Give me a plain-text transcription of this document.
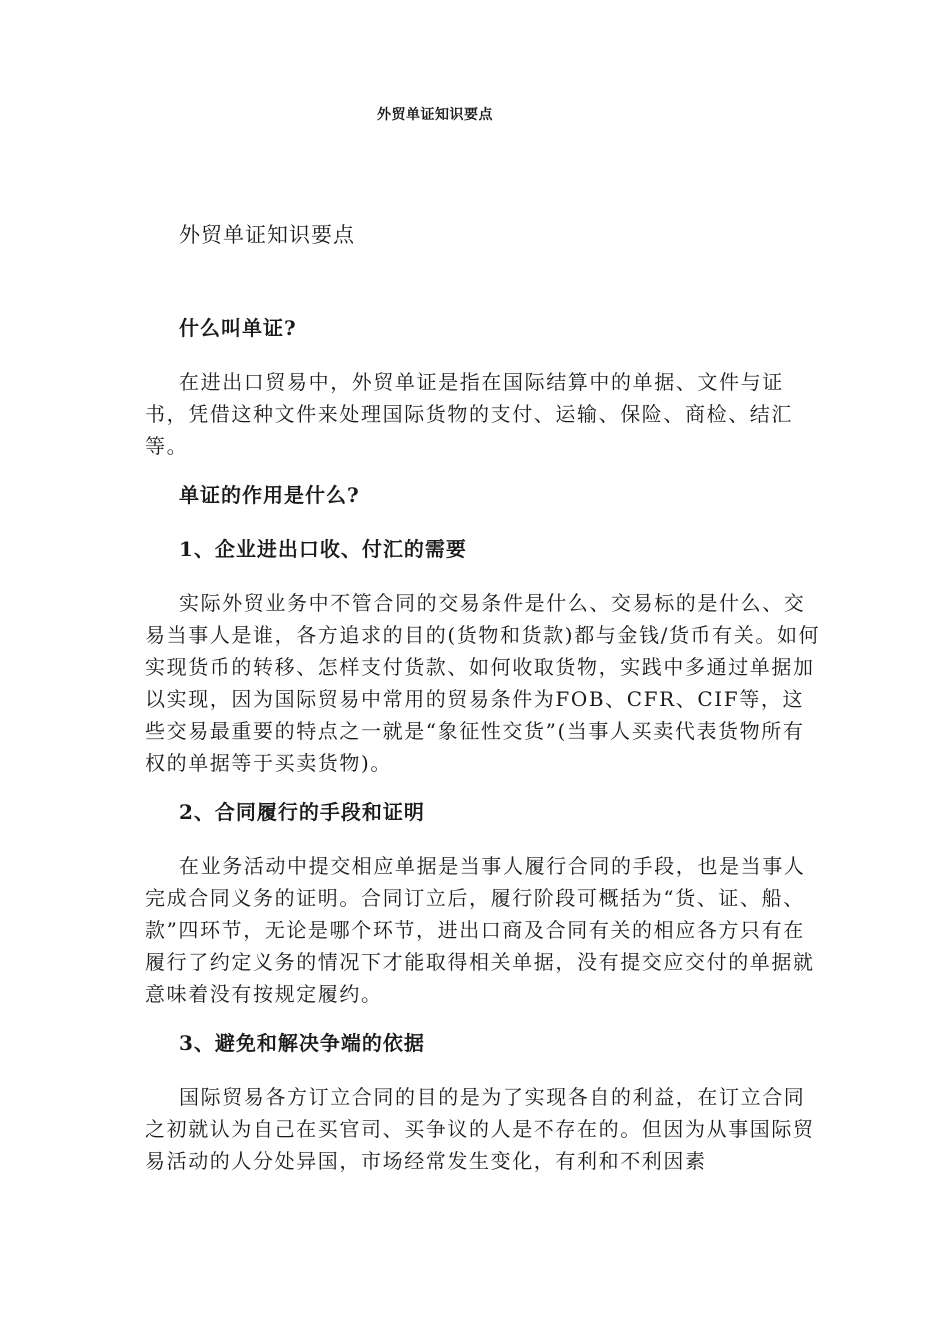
外贸单证知识要点

外贸单证知识要点

什么叫单证?

在进出口贸易中，外贸单证是指在国际结算中的单据、文件与证书，凭借这种文件来处理国际货物的支付、运输、保险、商检、结汇等。

单证的作用是什么?

1、企业进出口收、付汇的需要

实际外贸业务中不管合同的交易条件是什么、交易标的是什么、交易当事人是谁，各方追求的目的(货物和货款)都与金钱/货币有关。如何实现货币的转移、怎样支付货款、如何收取货物，实践中多通过单据加以实现，因为国际贸易中常用的贸易条件为FOB、CFR、CIF等，这些交易最重要的特点之一就是“象征性交货”(当事人买卖代表货物所有权的单据等于买卖货物)。

2、合同履行的手段和证明

在业务活动中提交相应单据是当事人履行合同的手段，也是当事人完成合同义务的证明。合同订立后，履行阶段可概括为“货、证、船、款”四环节，无论是哪个环节，进出口商及合同有关的相应各方只有在履行了约定义务的情况下才能取得相关单据，没有提交应交付的单据就意味着没有按规定履约。

3、避免和解决争端的依据

国际贸易各方订立合同的目的是为了实现各自的利益，在订立合同之初就认为自己在买官司、买争议的人是不存在的。但因为从事国际贸易活动的人分处异国，市场经常发生变化，有利和不利因素
